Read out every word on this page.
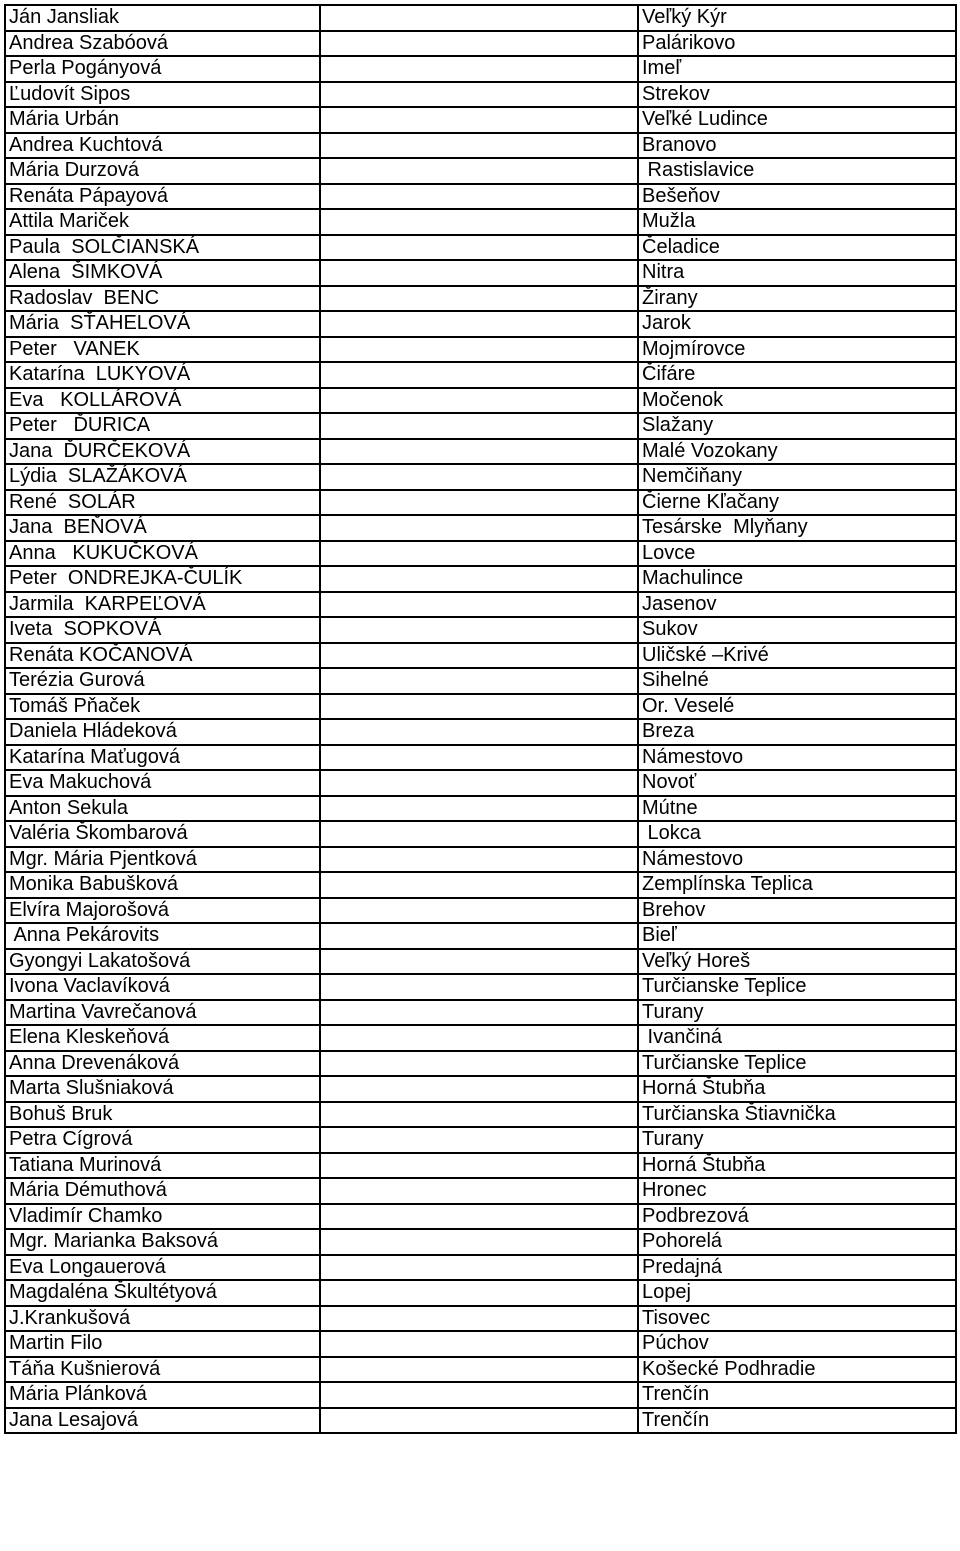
Ján Jansliak		Veľký Kýr
Andrea Szabóová		Palárikovo
Perla Pogányová		Imeľ
Ľudovít Sipos		Strekov
Mária Urbán		Veľké Ludince
Andrea Kuchtová		Branovo
Mária Durzová		Rastislavice
Renáta Pápayová		Bešeňov
Attila Mariček		Mužla
Paula  SOLČIANSKÁ		Čeladice
Alena  ŠIMKOVÁ		Nitra
Radoslav  BENC		Žirany
Mária  SŤAHELOVÁ		Jarok
Peter   VANEK		Mojmírovce
Katarína  LUKYOVÁ		Čifáre
Eva   KOLLÁROVÁ		Močenok
Peter   ĎURICA		Slažany
Jana  ĎURČEKOVÁ		Malé Vozokany
Lýdia  SLAŽÁKOVÁ		Nemčiňany
René  SOLÁR		Čierne Kľačany
Jana  BEŇOVÁ		Tesárske  Mlyňany
Anna   KUKUČKOVÁ		Lovce
Peter  ONDREJKA-ČULÍK		Machulince
Jarmila  KARPEĽOVÁ		Jasenov
Iveta  SOPKOVÁ		Sukov
Renáta KOČANOVÁ		Uličské –Krivé
Terézia Gurová		Sihelné
Tomáš Pňaček		Or. Veselé
Daniela Hládeková		Breza
Katarína Maťugová		Námestovo
Eva Makuchová		Novoť
Anton Sekula		Mútne
Valéria Škombarová		Lokca
Mgr. Mária Pjentková		Námestovo
Monika Babušková		Zemplínska Teplica
Elvíra Majorošová		Brehov
Anna Pekárovits		Bieľ
Gyongyi Lakatošová		Veľký Horeš
Ivona Vaclavíková		Turčianske Teplice
Martina Vavrečanová		Turany
Elena Kleskeňová		Ivančiná
Anna Drevenáková		Turčianske Teplice
Marta Slušniaková		Horná Štubňa
Bohuš Bruk		Turčianska Štiavnička
Petra Cígrová		Turany
Tatiana Murinová		Horná Štubňa
Mária Démuthová		Hronec
Vladimír Chamko		Podbrezová
Mgr. Marianka Baksová		Pohorelá
Eva Longauerová		Predajná
Magdaléna Škultétyová		Lopej
J.Krankušová		Tisovec
Martin Filo		Púchov
Táňa Kušnierová		Košecké Podhradie
Mária Plánková		Trenčín
Jana Lesajová		Trenčín
